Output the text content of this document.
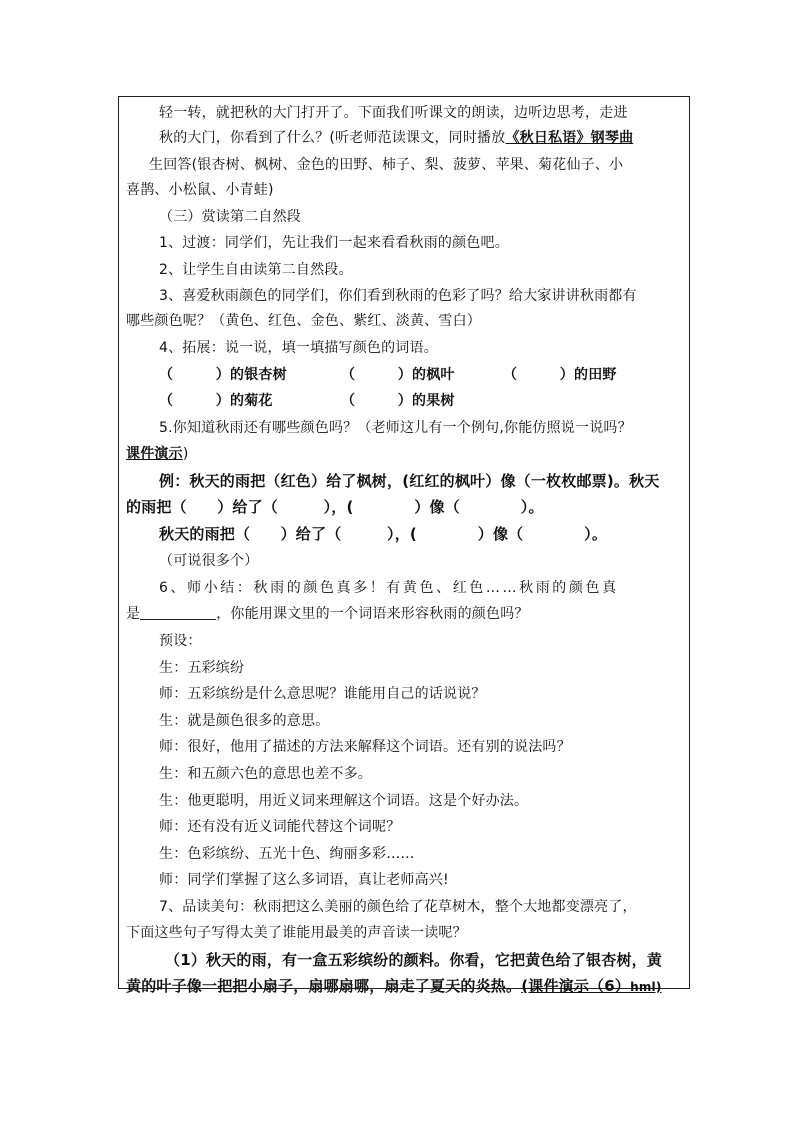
轻一转，就把秋的大门打开了。下面我们听课文的朗读，边听边思考，走进
秋的大门，你看到了什么？(听老师范读课文，同时播放《秋日私语》钢琴曲
生回答(银杏树、枫树、金色的田野、柿子、梨、菠萝、苹果、菊花仙子、小
喜鹊、小松鼠、小青蛙)
（三）赏读第二自然段
1、过渡：同学们，先让我们一起来看看秋雨的颜色吧。
2、让学生自由读第二自然段。
3、喜爱秋雨颜色的同学们，你们看到秋雨的色彩了吗？给大家讲讲秋雨都有
哪些颜色呢？（黄色、红色、金色、紫红、淡黄、雪白）
4、拓展：说一说，填一填描写颜色的词语。
（　　　）的银杏树	（　　　）的枫叶	（　　　）的田野
（　　　）的菊花	（　　　）的果树
5.你知道秋雨还有哪些颜色吗？（老师这儿有一个例句,你能仿照说一说吗？
课件演示)
例：秋天的雨把（红色）给了枫树，(红红的枫叶）像（一枚枚邮票)。秋天
的雨把（　　）给了（　　　），(　　　　）像（　　　　）。
秋天的雨把（　　）给了（　　　），(　　　　）像（　　　　）。
（可说很多个）
6、师小结：秋雨的颜色真多！有黄色、红色……秋雨的颜色真
是	，你能用课文里的一个词语来形容秋雨的颜色吗？
预设：
生：五彩缤纷
师：五彩缤纷是什么意思呢？谁能用自己的话说说？
生：就是颜色很多的意思。
师：很好，他用了描述的方法来解释这个词语。还有别的说法吗？
生：和五颜六色的意思也差不多。
生：他更聪明，用近义词来理解这个词语。这是个好办法。
师：还有没有近义词能代替这个词呢？
生：色彩缤纷、五光十色、绚丽多彩……
师：同学们掌握了这么多词语，真让老师高兴!
7、品读美句：秋雨把这么美丽的颜色给了花草树木，整个大地都变漂亮了，
下面这些句子写得太美了谁能用最美的声音读一读呢？
（1）秋天的雨，有一盒五彩缤纷的颜料。你看，它把黄色给了银杏树，黄
黄的叶子像一把把小扇子，扇哪扇哪，扇走了夏天的炎热。(课件演示（6）hml)
